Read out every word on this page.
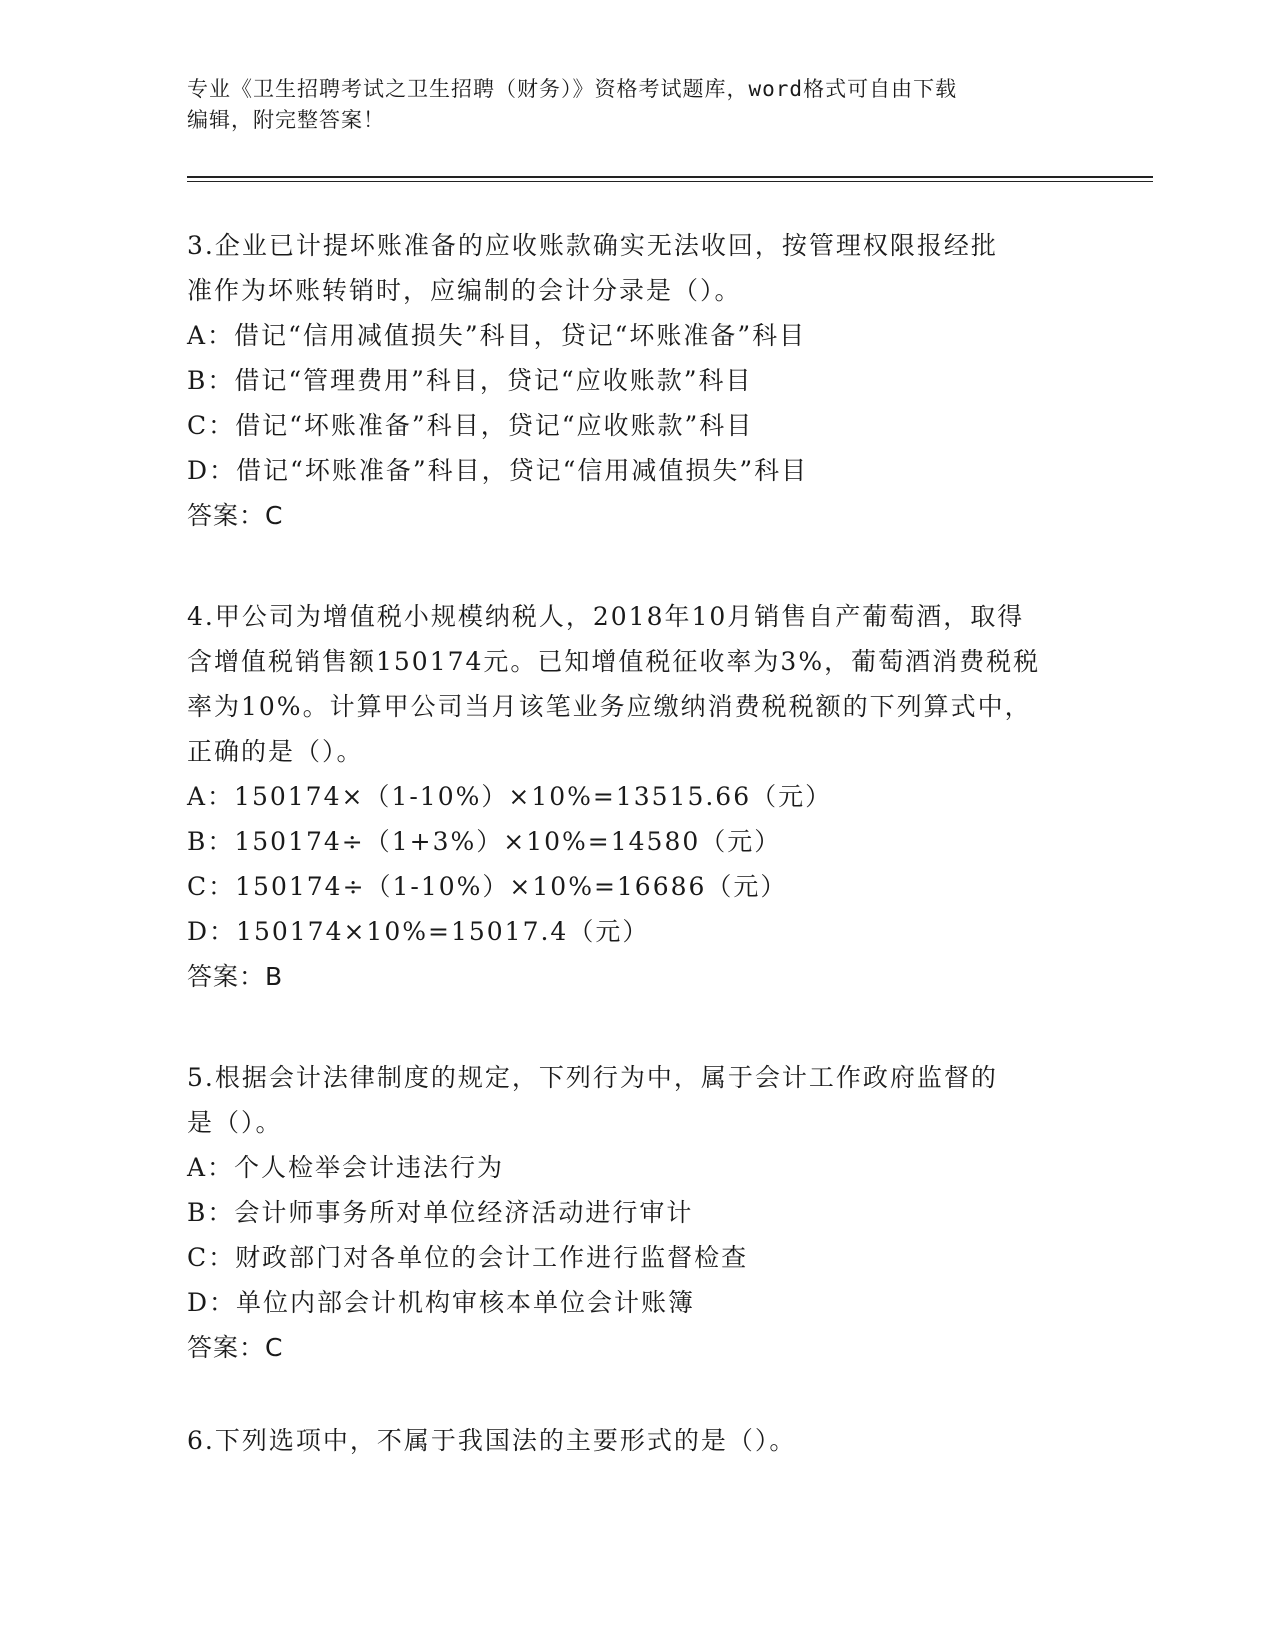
专业《卫生招聘考试之卫生招聘（财务）》资格考试题库，word格式可自由下载
编辑，附完整答案！
3.企业已计提坏账准备的应收账款确实无法收回，按管理权限报经批
准作为坏账转销时，应编制的会计分录是（）。
A：借记“信用减值损失”科目，贷记“坏账准备”科目
B：借记“管理费用”科目，贷记“应收账款”科目
C：借记“坏账准备”科目，贷记“应收账款”科目
D：借记“坏账准备”科目，贷记“信用减值损失”科目
答案：C
4.甲公司为增值税小规模纳税人，2018年10月销售自产葡萄酒，取得
含增值税销售额150174元。已知增值税征收率为3%，葡萄酒消费税税
率为10%。计算甲公司当月该笔业务应缴纳消费税税额的下列算式中，
正确的是（）。
A：150174×（1-10%）×10%=13515.66（元）
B：150174÷（1+3%）×10%=14580（元）
C：150174÷（1-10%）×10%=16686（元）
D：150174×10%=15017.4（元）
答案：B
5.根据会计法律制度的规定，下列行为中，属于会计工作政府监督的
是（）。
A：个人检举会计违法行为
B：会计师事务所对单位经济活动进行审计
C：财政部门对各单位的会计工作进行监督检查
D：单位内部会计机构审核本单位会计账簿
答案：C
6.下列选项中，不属于我国法的主要形式的是（）。
